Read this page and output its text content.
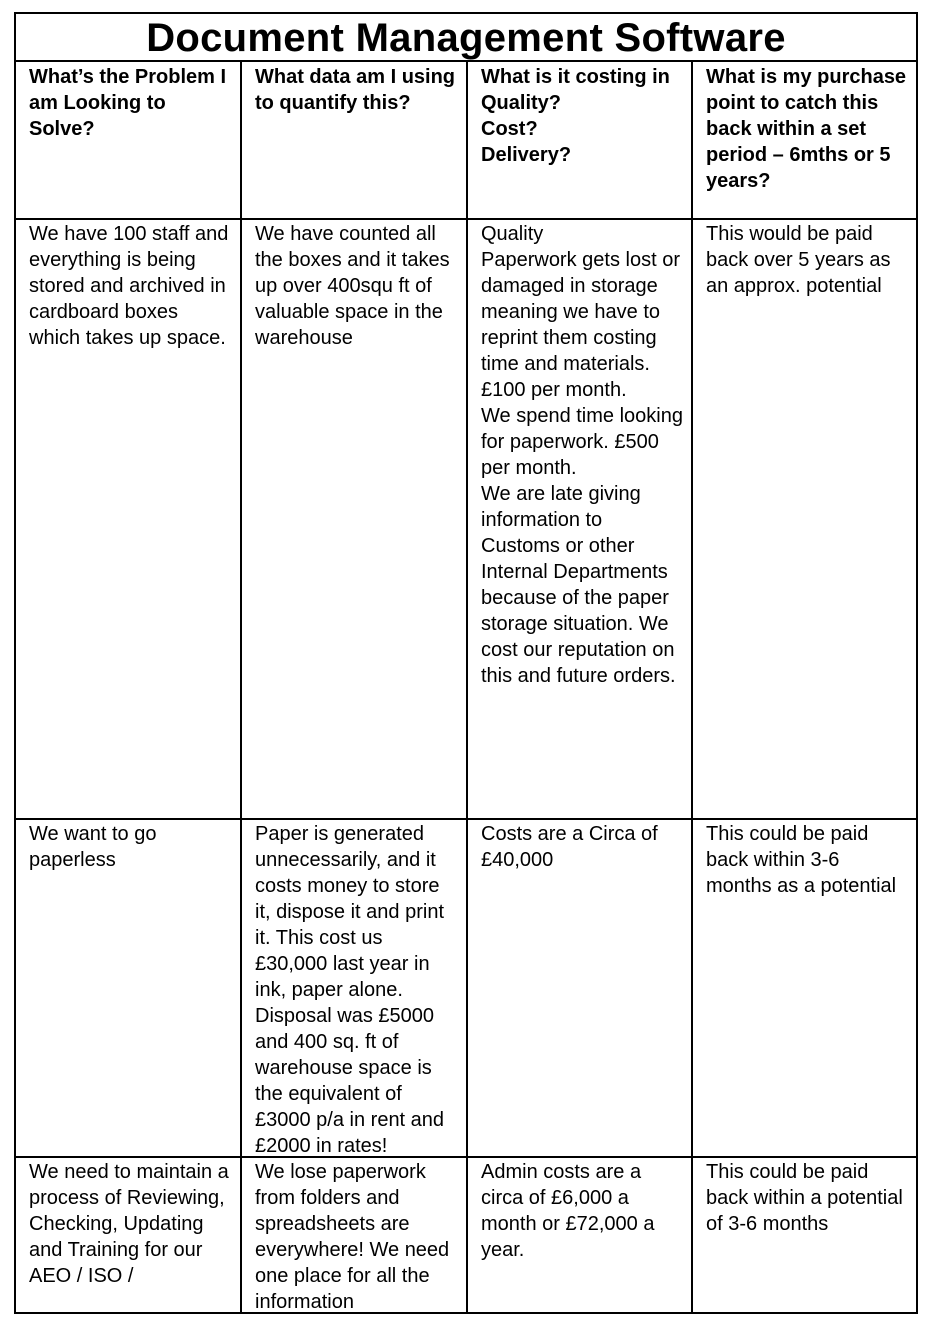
Document Management Software
What’s the Problem I am Looking to Solve?
What data am I using to quantify this?
What is it costing in Quality?
Cost?
Delivery?
What is my purchase point to catch this back within a set period – 6mths or 5 years?
We have 100 staff and everything is being stored and archived in cardboard boxes which takes up space.
We have counted all the boxes and it takes up over 400squ ft of valuable space in the warehouse
Quality
Paperwork gets lost or damaged in storage meaning we have to reprint them costing time and materials. £100 per month.
We spend time looking for paperwork. £500 per month.
We are late giving information to Customs or other Internal Departments because of the paper storage situation. We cost our reputation on this and future orders.
This would be paid back over 5 years as an approx. potential
We want to go paperless
Paper is generated unnecessarily, and it costs money to store it, dispose it and print it. This cost us £30,000 last year in ink, paper alone. Disposal was £5000 and 400 sq. ft of warehouse space is the equivalent of £3000 p/a in rent and £2000 in rates!
Costs are a Circa of £40,000
This could be paid back within 3-6 months as a potential
We need to maintain a process of Reviewing, Checking, Updating and Training for our AEO / ISO /
We lose paperwork from folders and spreadsheets are everywhere! We need one place for all the information
Admin costs are a circa of £6,000 a month or £72,000 a year.
This could be paid back within a potential of 3-6 months
